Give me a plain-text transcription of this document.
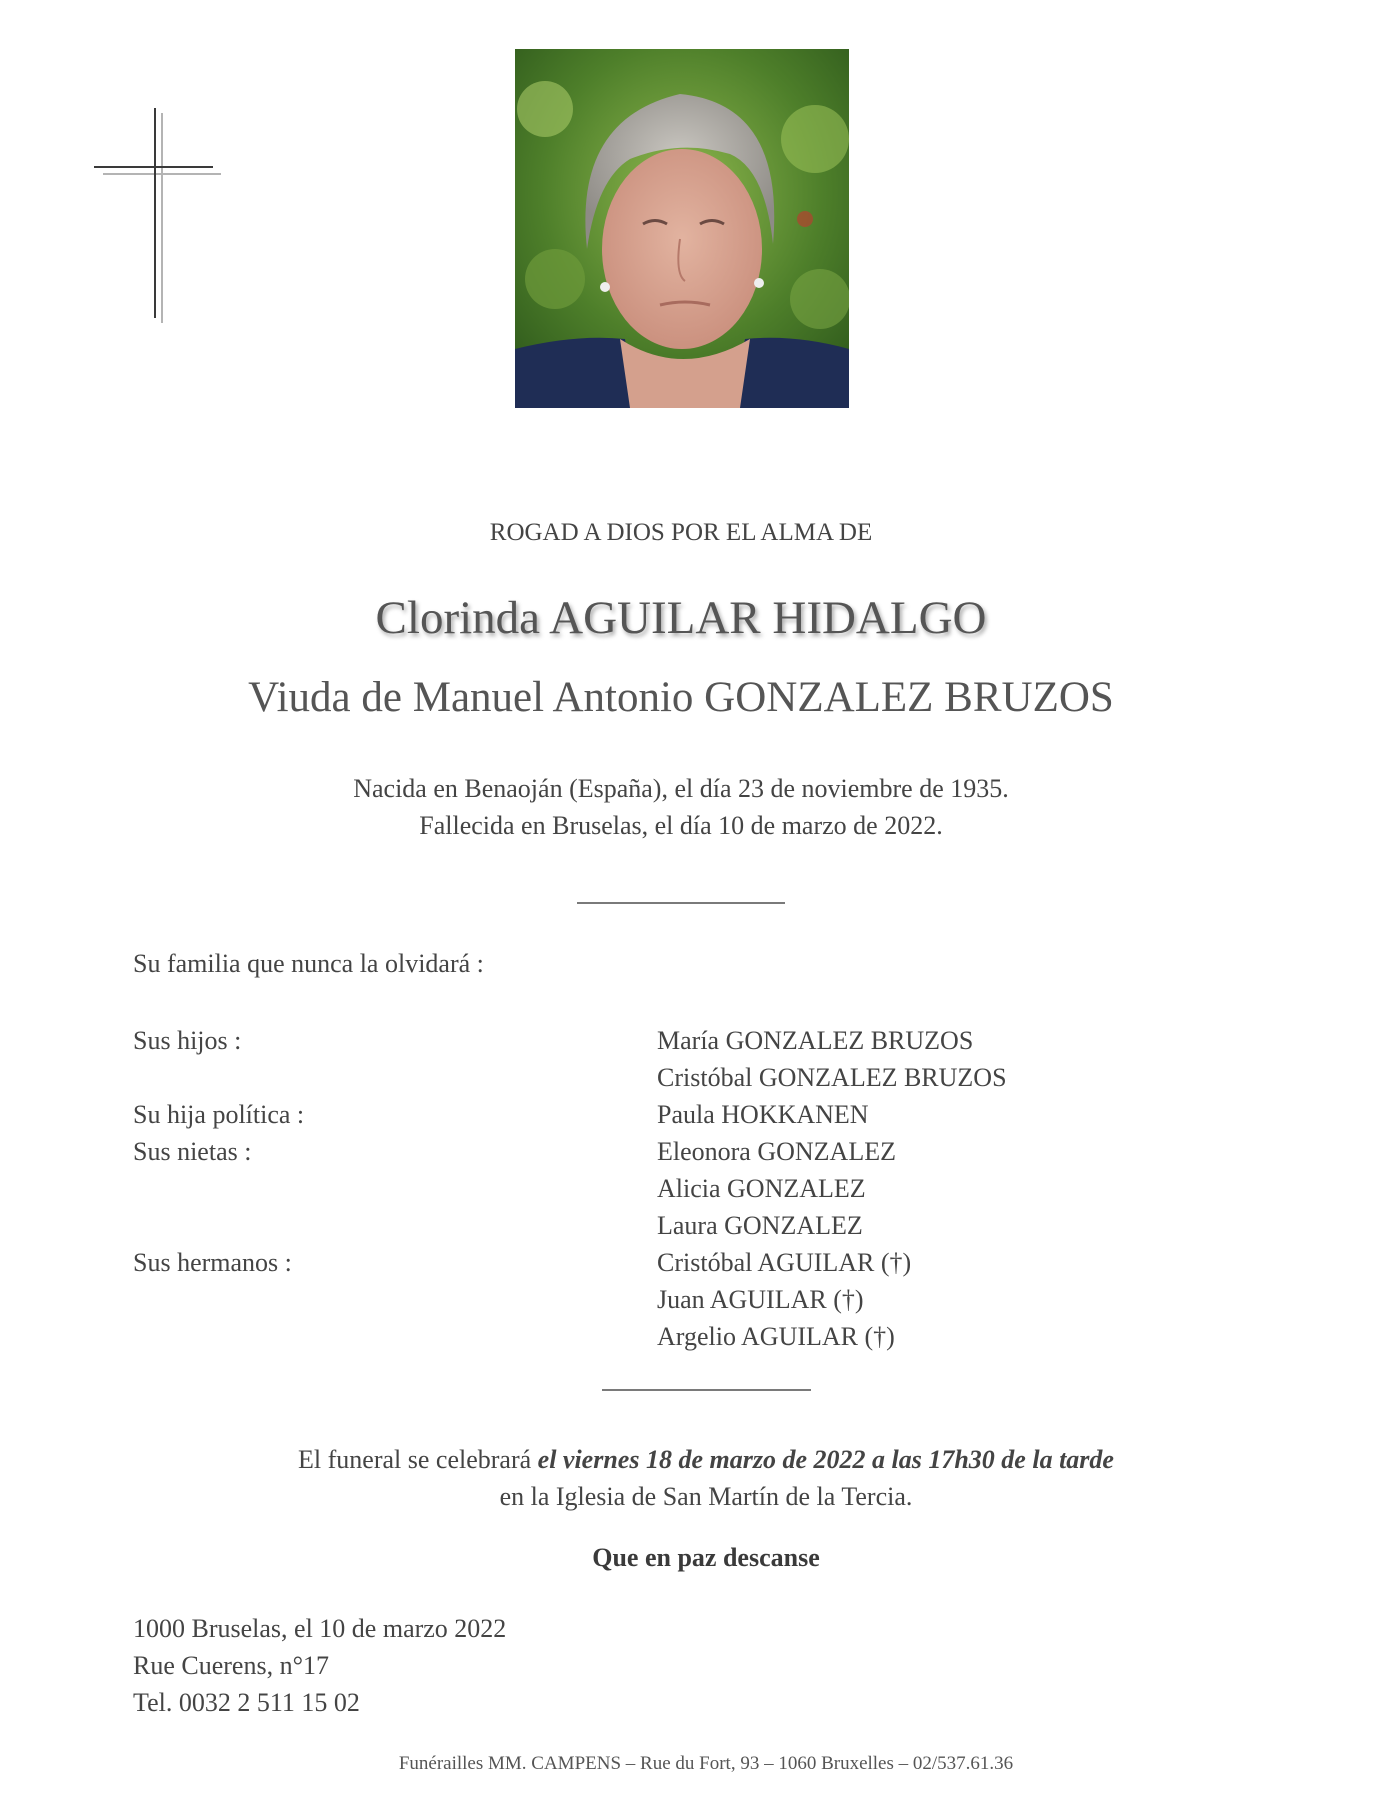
ROGAD A DIOS POR EL ALMA DE
Clorinda AGUILAR HIDALGO
Viuda de Manuel Antonio GONZALEZ BRUZOS
Nacida en Benaoján (España), el día 23 de noviembre de 1935.
Fallecida en Bruselas, el día 10 de marzo de 2022.
Su familia que nunca la olvidará :
Sus hijos :	María GONZALEZ BRUZOS
Cristóbal GONZALEZ BRUZOS
Su hija política :	Paula HOKKANEN
Sus nietas :	Eleonora GONZALEZ
Alicia GONZALEZ
Laura GONZALEZ
Sus hermanos :	Cristóbal AGUILAR (†)
Juan AGUILAR (†)
Argelio AGUILAR (†)
El funeral se celebrará el viernes 18 de marzo de 2022 a las 17h30 de la tarde
en la Iglesia de San Martín de la Tercia.
Que en paz descanse
1000 Bruselas, el 10 de marzo 2022
Rue Cuerens, n°17
Tel. 0032 2 511 15 02
Funérailles MM. CAMPENS – Rue du Fort, 93 – 1060 Bruxelles – 02/537.61.36
